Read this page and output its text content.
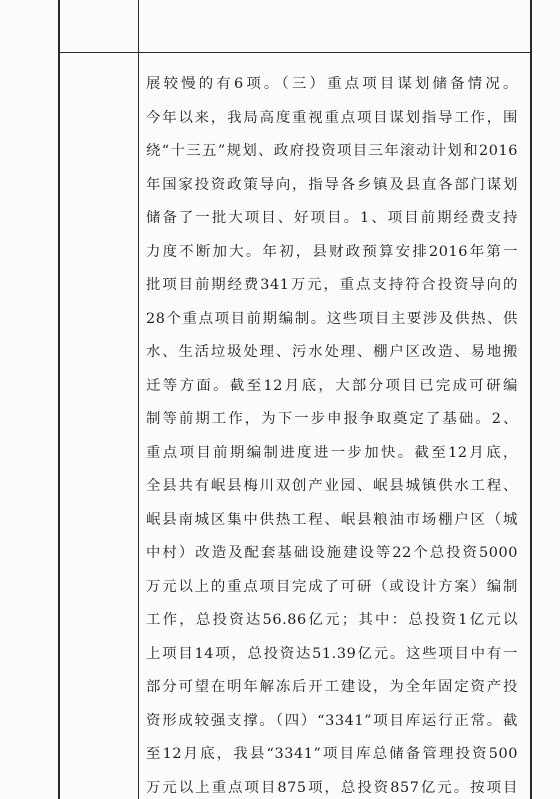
展较慢的有6项。（三）重点项目谋划储备情况。
今年以来，我局高度重视重点项目谋划指导工作，围
绕“十三五”规划、政府投资项目三年滚动计划和2016
年国家投资政策导向，指导各乡镇及县直各部门谋划
储备了一批大项目、好项目。1、项目前期经费支持
力度不断加大。年初，县财政预算安排2016年第一
批项目前期经费341万元，重点支持符合投资导向的
28个重点项目前期编制。这些项目主要涉及供热、供
水、生活垃圾处理、污水处理、棚户区改造、易地搬
迁等方面。截至12月底，大部分项目已完成可研编
制等前期工作，为下一步申报争取奠定了基础。2、
重点项目前期编制进度进一步加快。截至12月底，
全县共有岷县梅川双创产业园、岷县城镇供水工程、
岷县南城区集中供热工程、岷县粮油市场棚户区（城
中村）改造及配套基础设施建设等22个总投资5000
万元以上的重点项目完成了可研（或设计方案）编制
工作，总投资达56.86亿元；其中：总投资1亿元以
上项目14项，总投资达51.39亿元。这些项目中有一
部分可望在明年解冻后开工建设，为全年固定资产投
资形成较强支撑。（四）“3341”项目库运行正常。截
至12月底，我县“3341”项目库总储备管理投资500
万元以上重点项目875项，总投资857亿元。按项目
